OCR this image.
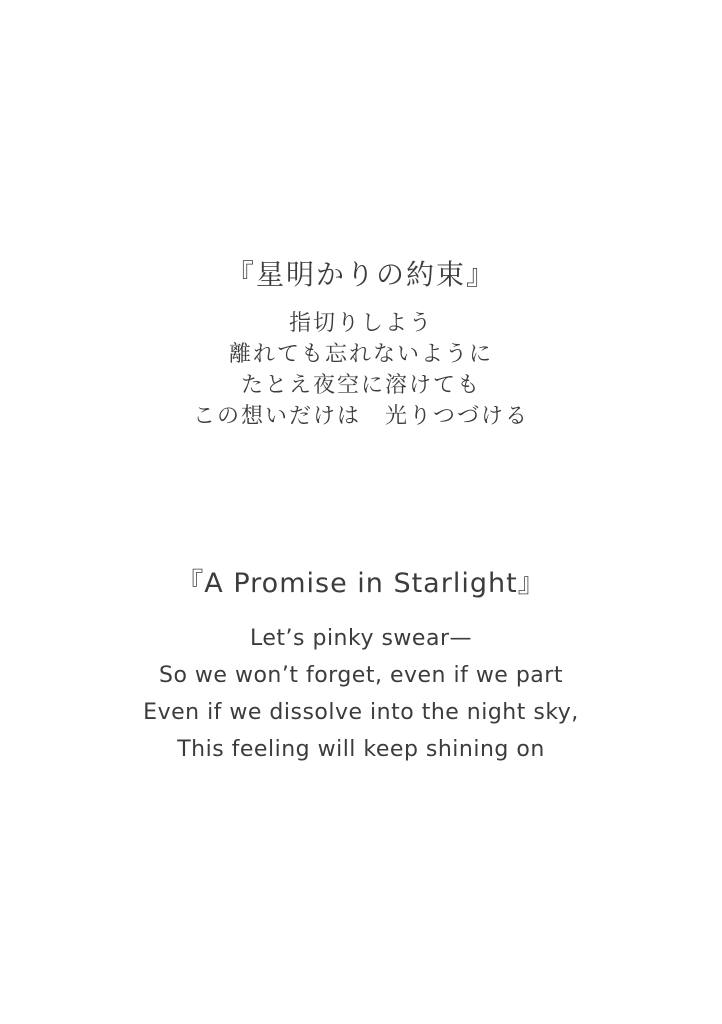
『星明かりの約束』
指切りしよう
離れても忘れないように
たとえ夜空に溶けても
この想いだけは　光りつづける
『A Promise in Starlight』
Let’s pinky swear—
So we won’t forget, even if we part
Even if we dissolve into the night sky,
This feeling will keep shining on
